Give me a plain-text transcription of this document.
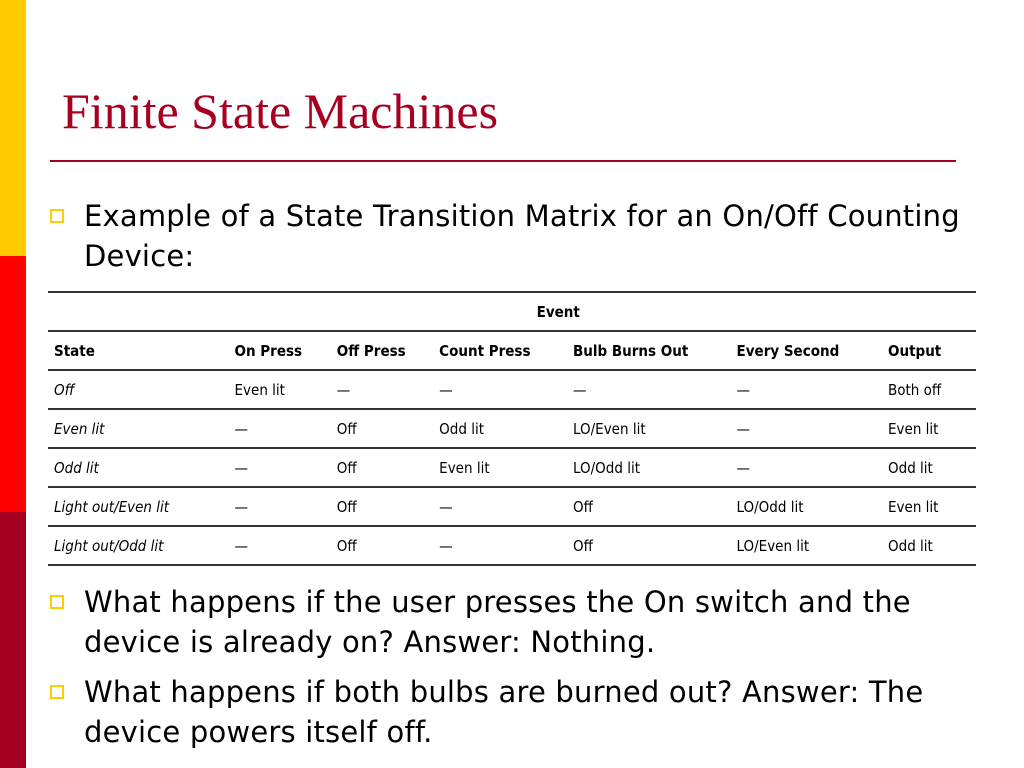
Finite State Machines

Example of a State Transition Matrix for an On/Off Counting Device:

	Event					
State	On Press	Off Press	Count Press	Bulb Burns Out	Every Second	Output
Off	Even lit	—	—	—	—	Both off
Even lit	—	Off	Odd lit	LO/Even lit	—	Even lit
Odd lit	—	Off	Even lit	LO/Odd lit	—	Odd lit
Light out/Even lit	—	Off	—	Off	LO/Odd lit	Even lit
Light out/Odd lit	—	Off	—	Off	LO/Even lit	Odd lit

What happens if the user presses the On switch and the device is already on? Answer: Nothing.

What happens if both bulbs are burned out? Answer: The device powers itself off.
